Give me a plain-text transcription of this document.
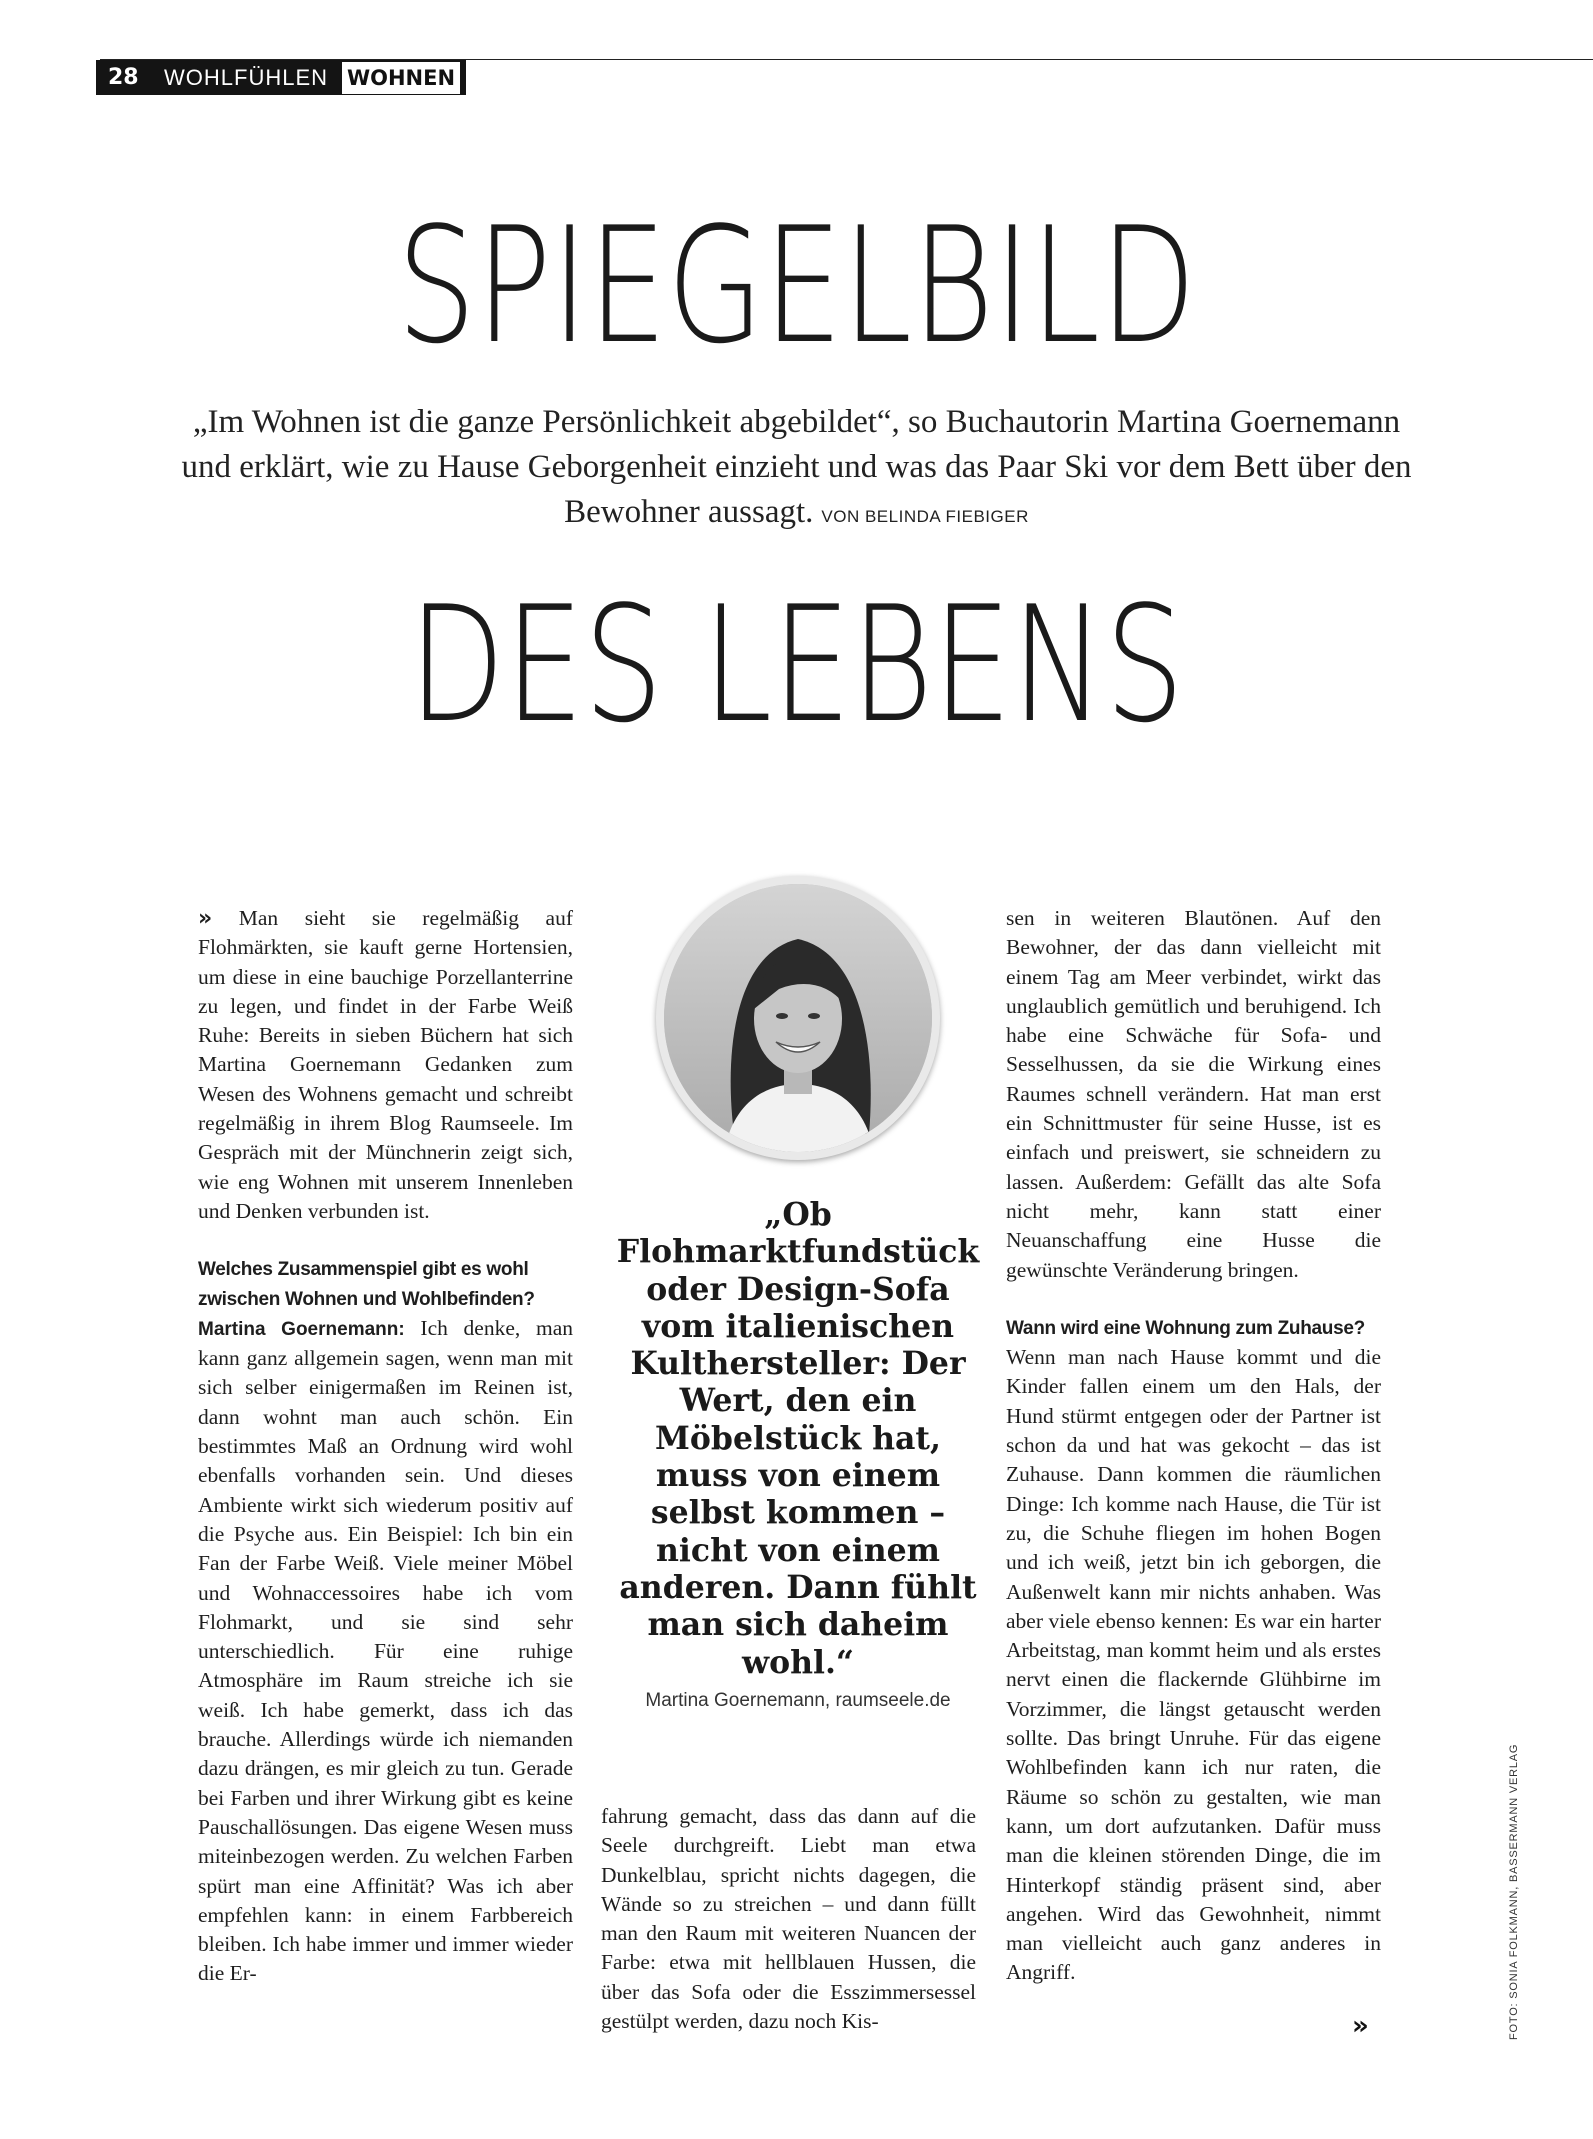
28 WOHLFÜHLEN WOHNEN
SPIEGELBILD
„Im Wohnen ist die ganze Persönlichkeit abgebildet“, so Buchautorin Martina Goernemann und erklärt, wie zu Hause Geborgenheit einzieht und was das Paar Ski vor dem Bett über den Bewohner aussagt. VON BELINDA FIEBIGER
DES LEBENS

» Man sieht sie regelmäßig auf Flohmärkten, sie kauft gerne Hortensien, um diese in eine bauchige Porzellanterrine zu legen, und findet in der Farbe Weiß Ruhe: Bereits in sieben Büchern hat sich Martina Goernemann Gedanken zum Wesen des Wohnens gemacht und schreibt regelmäßig in ihrem Blog Raumseele. Im Gespräch mit der Münchnerin zeigt sich, wie eng Wohnen mit unserem Innenleben und Denken verbunden ist.

Welches Zusammenspiel gibt es wohl zwischen Wohnen und Wohlbefinden?

Martina Goernemann: Ich denke, man kann ganz allgemein sagen, wenn man mit sich selber einigermaßen im Reinen ist, dann wohnt man auch schön. Ein bestimmtes Maß an Ordnung wird wohl ebenfalls vorhanden sein. Und dieses Ambiente wirkt sich wiederum positiv auf die Psyche aus. Ein Beispiel: Ich bin ein Fan der Farbe Weiß. Viele meiner Möbel und Wohnaccessoires habe ich vom Flohmarkt, und sie sind sehr unterschiedlich. Für eine ruhige Atmosphäre im Raum streiche ich sie weiß. Ich habe gemerkt, dass ich das brauche. Allerdings würde ich niemanden dazu drängen, es mir gleich zu tun. Gerade bei Farben und ihrer Wirkung gibt es keine Pauschallösungen. Das eigene Wesen muss miteinbezogen werden. Zu welchen Farben spürt man eine Affinität? Was ich aber empfehlen kann: in einem Farbbereich bleiben. Ich habe immer und immer wieder die Er-

„Ob Flohmarktfundstück oder Design-Sofa vom italienischen Kulthersteller: Der Wert, den ein Möbelstück hat, muss von einem selbst kommen – nicht von einem anderen. Dann fühlt man sich daheim wohl.“
Martina Goernemann, raumseele.de

fahrung gemacht, dass das dann auf die Seele durchgreift. Liebt man etwa Dunkelblau, spricht nichts dagegen, die Wände so zu streichen – und dann füllt man den Raum mit weiteren Nuancen der Farbe: etwa mit hellblauen Hussen, die über das Sofa oder die Esszimmersessel gestülpt werden, dazu noch Kis-

sen in weiteren Blautönen. Auf den Bewohner, der das dann vielleicht mit einem Tag am Meer verbindet, wirkt das unglaublich gemütlich und beruhigend. Ich habe eine Schwäche für Sofa- und Sesselhussen, da sie die Wirkung eines Raumes schnell verändern. Hat man erst ein Schnittmuster für seine Husse, ist es einfach und preiswert, sie schneidern zu lassen. Außerdem: Gefällt das alte Sofa nicht mehr, kann statt einer Neuanschaffung eine Husse die gewünschte Veränderung bringen.

Wann wird eine Wohnung zum Zuhause?

Wenn man nach Hause kommt und die Kinder fallen einem um den Hals, der Hund stürmt entgegen oder der Partner ist schon da und hat was gekocht – das ist Zuhause. Dann kommen die räumlichen Dinge: Ich komme nach Hause, die Tür ist zu, die Schuhe fliegen im hohen Bogen und ich weiß, jetzt bin ich geborgen, die Außenwelt kann mir nichts anhaben. Was aber viele ebenso kennen: Es war ein harter Arbeitstag, man kommt heim und als erstes nervt einen die flackernde Glühbirne im Vorzimmer, die längst getauscht werden sollte. Das bringt Unruhe. Für das eigene Wohlbefinden kann ich nur raten, die Räume so schön zu gestalten, wie man kann, um dort aufzutanken. Dafür muss man die kleinen störenden Dinge, die im Hinterkopf ständig präsent sind, aber angehen. Wird das Gewohnheit, nimmt man vielleicht auch ganz anderes in Angriff.

»	FOTO: SONIA FOLKMANN, BASSERMANN VERLAG
